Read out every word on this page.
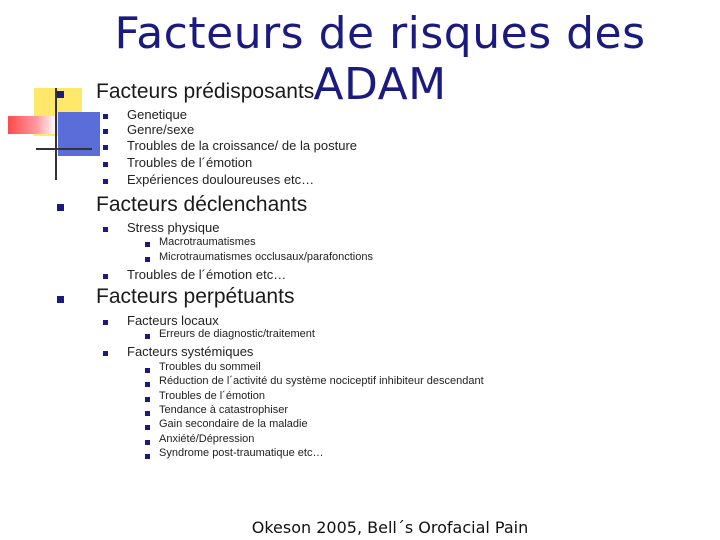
Facteurs de risques des ADAM
Facteurs prédisposants
Genetique
Genre/sexe
Troubles de la croissance/ de la posture
Troubles de l´émotion
Expériences douloureuses etc…
Facteurs déclenchants
Stress physique
Macrotraumatismes
Microtraumatismes occlusaux/parafonctions
Troubles de l´émotion etc…
Facteurs perpétuants
Facteurs locaux
Erreurs de diagnostic/traitement
Facteurs systémiques
Troubles du sommeil
Réduction de l´activité du système nociceptif inhibiteur descendant
Troubles de l´émotion
Tendance à catastrophiser
Gain secondaire de la maladie
Anxiété/Dépression
Syndrome post-traumatique etc…
Okeson 2005, Bell´s Orofacial Pain
